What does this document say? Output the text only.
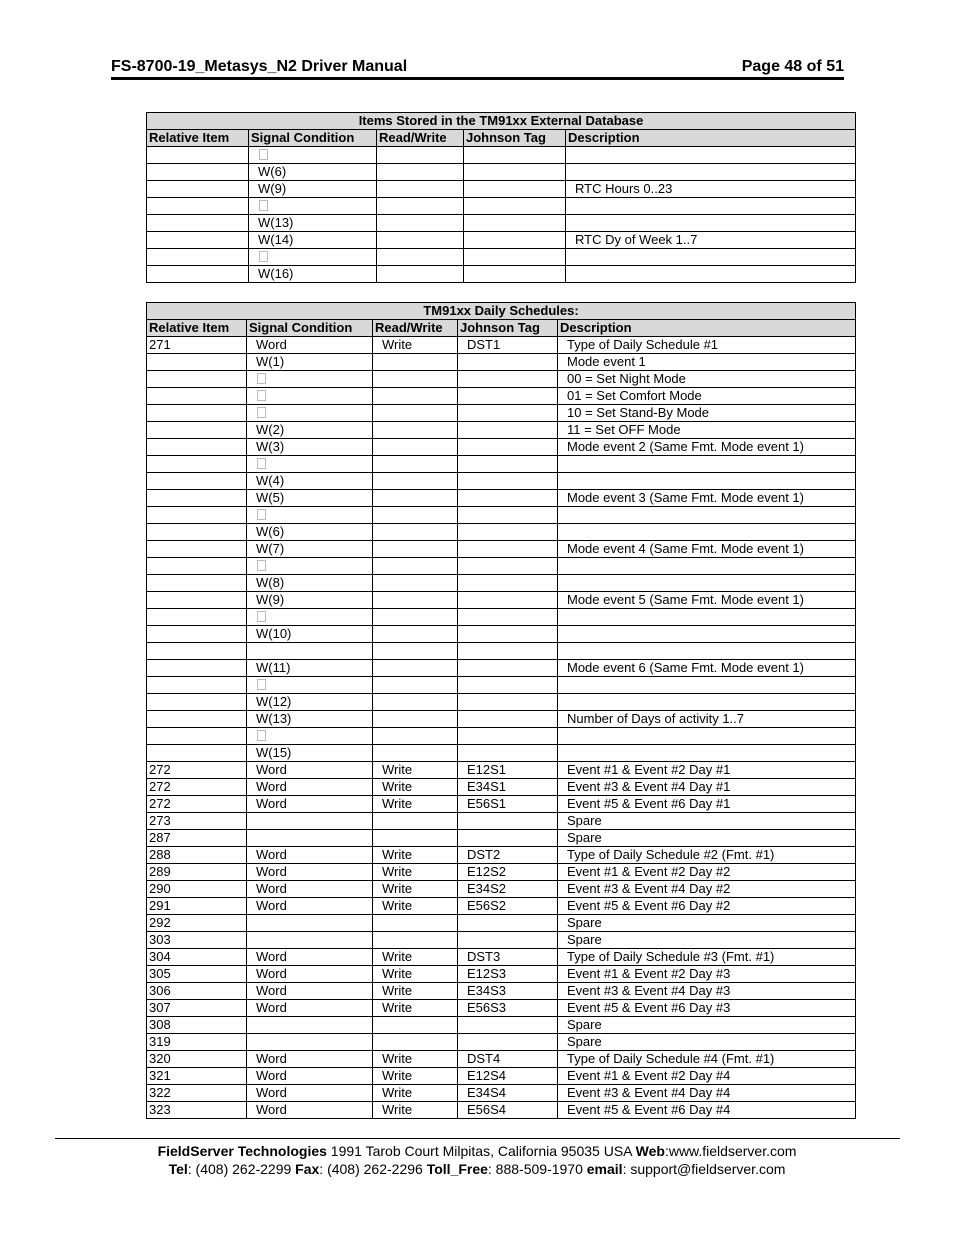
FS-8700-19_Metasys_N2 Driver Manual	Page 48 of 51
Items Stored in the TM91xx External Database				
Relative Item	Signal Condition	Read/Write	Johnson Tag	Description

	W(6)			
	W(9)			RTC Hours 0..23

	W(13)			
	W(14)			RTC Dy of Week 1..7

	W(16)			
TM91xx Daily Schedules:				
Relative Item	Signal Condition	Read/Write	Johnson Tag	Description
271	Word	Write	DST1	Type of Daily Schedule #1
	W(1)			Mode event 1
				00 = Set Night Mode
				01 = Set Comfort Mode
				10 = Set Stand-By Mode
	W(2)			11 = Set OFF Mode
	W(3)			Mode event 2 (Same Fmt. Mode event 1)

	W(4)			
	W(5)			Mode event 3 (Same Fmt. Mode event 1)

	W(6)			
	W(7)			Mode event 4 (Same Fmt. Mode event 1)

	W(8)			
	W(9)			Mode event 5 (Same Fmt. Mode event 1)

	W(10)			

	W(11)			Mode event 6 (Same Fmt. Mode event 1)

	W(12)			
	W(13)			Number of Days of activity 1..7

	W(15)			
272	Word	Write	E12S1	Event #1 & Event #2 Day #1
272	Word	Write	E34S1	Event #3 & Event #4 Day #1
272	Word	Write	E56S1	Event #5 & Event #6 Day #1
273				Spare
287				Spare
288	Word	Write	DST2	Type of Daily Schedule #2 (Fmt. #1)
289	Word	Write	E12S2	Event #1 & Event #2 Day #2
290	Word	Write	E34S2	Event #3 & Event #4 Day #2
291	Word	Write	E56S2	Event #5 & Event #6 Day #2
292				Spare
303				Spare
304	Word	Write	DST3	Type of Daily Schedule #3 (Fmt. #1)
305	Word	Write	E12S3	Event #1 & Event #2 Day #3
306	Word	Write	E34S3	Event #3 & Event #4 Day #3
307	Word	Write	E56S3	Event #5 & Event #6 Day #3
308				Spare
319				Spare
320	Word	Write	DST4	Type of Daily Schedule #4 (Fmt. #1)
321	Word	Write	E12S4	Event #1 & Event #2 Day #4
322	Word	Write	E34S4	Event #3 & Event #4 Day #4
323	Word	Write	E56S4	Event #5 & Event #6 Day #4
FieldServer Technologies 1991 Tarob Court Milpitas, California 95035 USA Web:www.fieldserver.com
Tel: (408) 262-2299 Fax: (408) 262-2296 Toll_Free: 888-509-1970 email: support@fieldserver.com
